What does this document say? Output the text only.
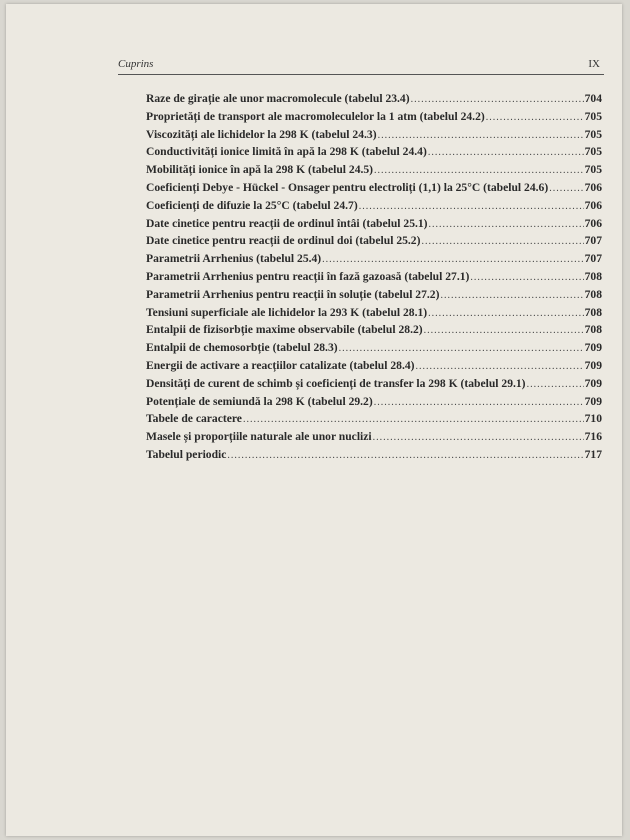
Cuprins	IX
Raze de girație ale unor macromolecule (tabelul 23.4) .....	704
Proprietăți de transport ale macromoleculelor la 1 atm (tabelul 24.2) .....	705
Viscozități ale lichidelor la 298 K (tabelul 24.3) .....	705
Conductivități ionice limită în apă la 298 K (tabelul 24.4) .....	705
Mobilități ionice în apă la 298 K (tabelul 24.5) .....	705
Coeficienți Debye - Hückel - Onsager pentru electroliți (1,1) la 25°C (tabelul 24.6) .....	706
Coeficienți de difuzie la 25°C (tabelul 24.7) .....	706
Date cinetice pentru reacții de ordinul întâi (tabelul 25.1) .....	706
Date cinetice pentru reacții de ordinul doi (tabelul 25.2) .....	707
Parametrii Arrhenius (tabelul 25.4) .....	707
Parametrii Arrhenius pentru reacții în fază gazoasă (tabelul 27.1) .....	708
Parametrii Arrhenius pentru reacții în soluție (tabelul 27.2) .....	708
Tensiuni superficiale ale lichidelor la 293 K (tabelul 28.1) .....	708
Entalpii de fizisorbție maxime observabile (tabelul 28.2) .....	708
Entalpii de chemosorbție (tabelul 28.3) .....	709
Energii de activare a reacțiilor catalizate (tabelul 28.4) .....	709
Densități de curent de schimb și coeficienți de transfer la 298 K (tabelul 29.1) .....	709
Potențiale de semiundă la 298 K (tabelul 29.2) .....	709
Tabele de caractere .....	710
Masele și proporțiile naturale ale unor nuclizi .....	716
Tabelul periodic .....	717
